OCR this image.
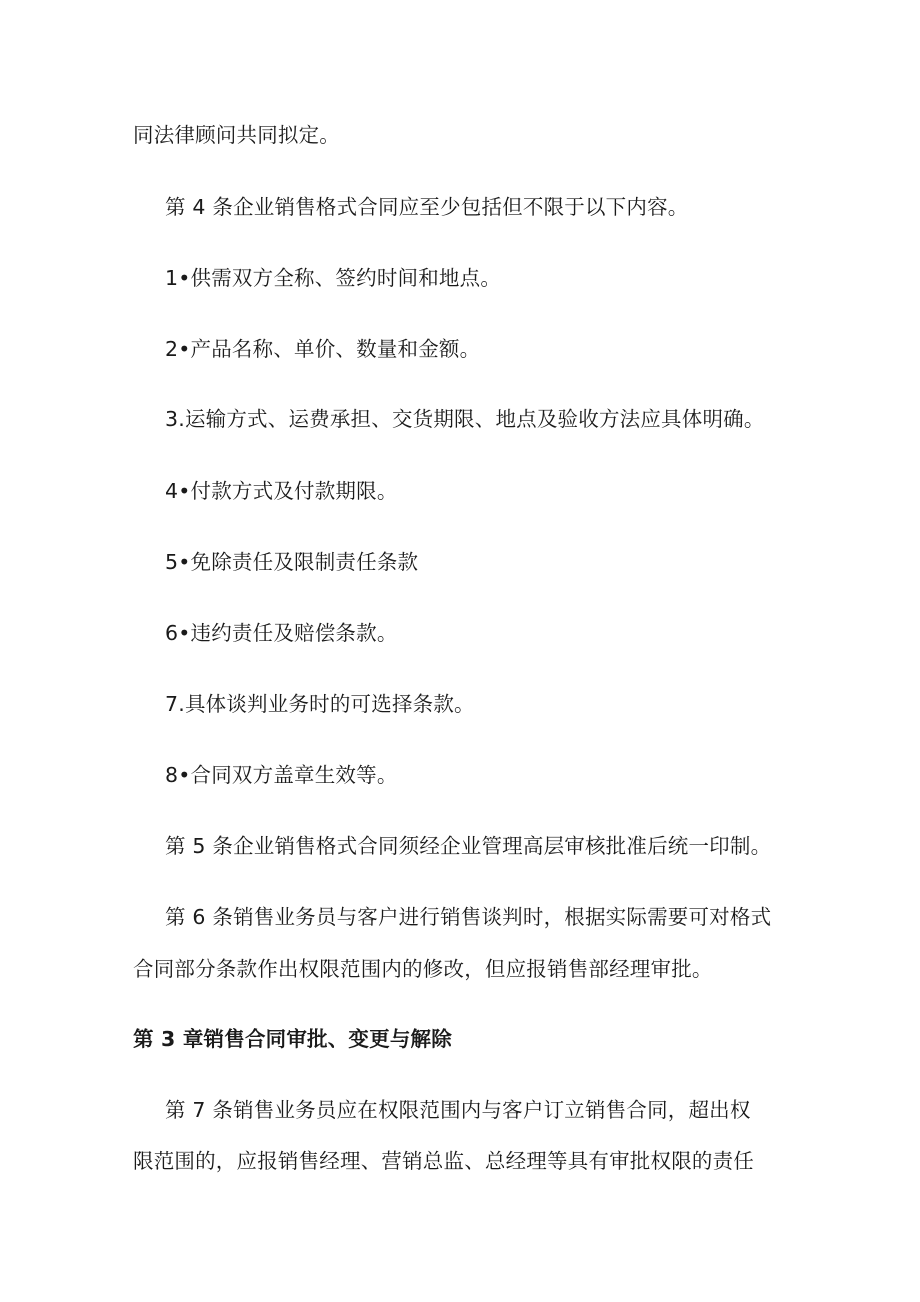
同法律顾问共同拟定。
第 4 条企业销售格式合同应至少包括但不限于以下内容。
1•供需双方全称、签约时间和地点。
2•产品名称、单价、数量和金额。
3.运输方式、运费承担、交货期限、地点及验收方法应具体明确。
4•付款方式及付款期限。
5•免除责任及限制责任条款
6•违约责任及赔偿条款。
7.具体谈判业务时的可选择条款。
8•合同双方盖章生效等。
第 5 条企业销售格式合同须经企业管理高层审核批准后统一印制。
第 6 条销售业务员与客户进行销售谈判时，根据实际需要可对格式
合同部分条款作出权限范围内的修改，但应报销售部经理审批。
第 3 章销售合同审批、变更与解除
第 7 条销售业务员应在权限范围内与客户订立销售合同，超出权
限范围的，应报销售经理、营销总监、总经理等具有审批权限的责任
